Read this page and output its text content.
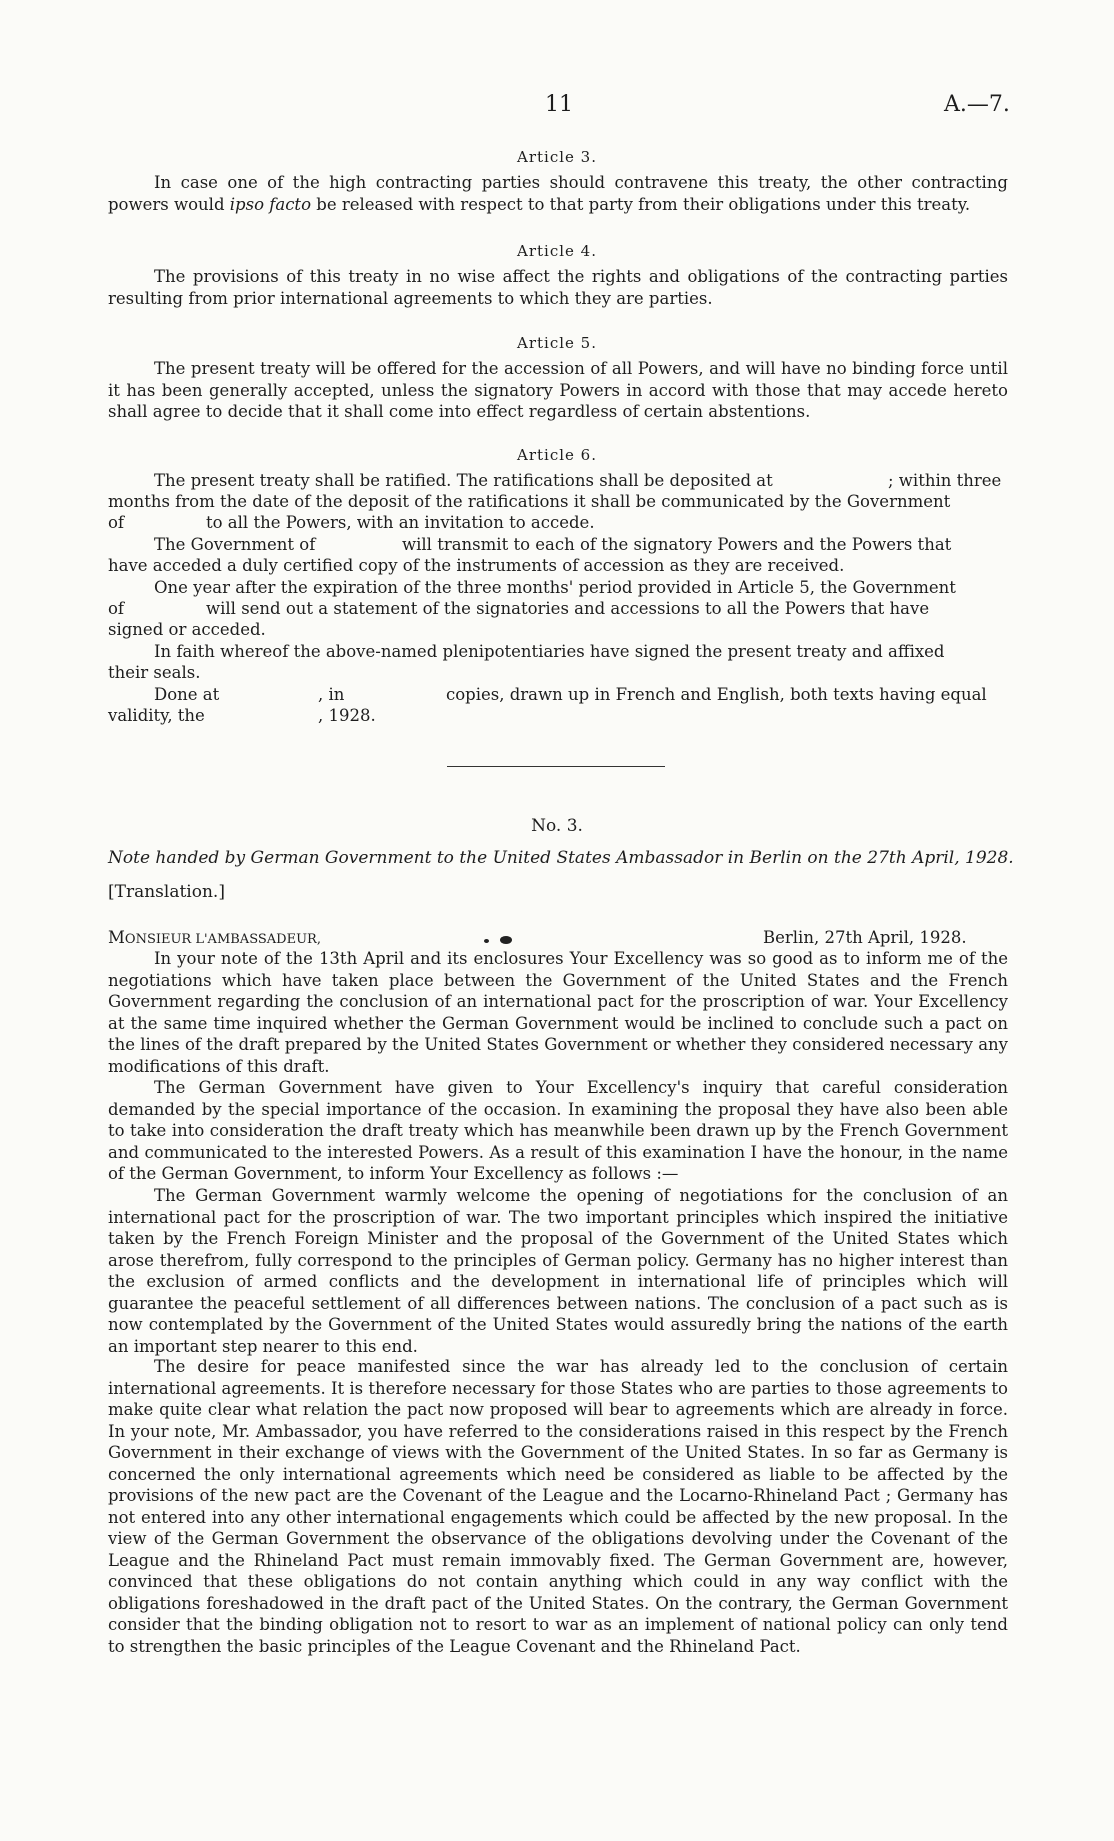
11	A.—7.
Article 3.
In case one of the high contracting parties should contravene this treaty, the other contracting powers would ipso facto be released with respect to that party from their obligations under this treaty.
Article 4.
The provisions of this treaty in no wise affect the rights and obligations of the contracting parties resulting from prior international agreements to which they are parties.
Article 5.
The present treaty will be offered for the accession of all Powers, and will have no binding force until it has been generally accepted, unless the signatory Powers in accord with those that may accede hereto shall agree to decide that it shall come into effect regardless of certain abstentions.
Article 6.
The present treaty shall be ratified. The ratifications shall be deposited at	; within three
months from the date of the deposit of the ratifications it shall be communicated by the Government
of	to all the Powers, with an invitation to accede.
The Government of	will transmit to each of the signatory Powers and the Powers that
have acceded a duly certified copy of the instruments of accession as they are received.
One year after the expiration of the three months' period provided in Article 5, the Government
of	will send out a statement of the signatories and accessions to all the Powers that have
signed or acceded.
In faith whereof the above-named plenipotentiaries have signed the present treaty and affixed
their seals.
Done at	, in	copies, drawn up in French and English, both texts having equal
validity, the	, 1928.
No. 3.
Note handed by German Government to the United States Ambassador in Berlin on the 27th April, 1928.
[Translation.]
MONSIEUR L'AMBASSADEUR,	Berlin, 27th April, 1928.
In your note of the 13th April and its enclosures Your Excellency was so good as to inform me of the negotiations which have taken place between the Government of the United States and the French Government regarding the conclusion of an international pact for the proscription of war. Your Excellency at the same time inquired whether the German Government would be inclined to conclude such a pact on the lines of the draft prepared by the United States Government or whether they considered necessary any modifications of this draft.
The German Government have given to Your Excellency's inquiry that careful consideration demanded by the special importance of the occasion. In examining the proposal they have also been able to take into consideration the draft treaty which has meanwhile been drawn up by the French Government and communicated to the interested Powers. As a result of this examination I have the honour, in the name of the German Government, to inform Your Excellency as follows :—
The German Government warmly welcome the opening of negotiations for the conclusion of an international pact for the proscription of war. The two important principles which inspired the initiative taken by the French Foreign Minister and the proposal of the Government of the United States which arose therefrom, fully correspond to the principles of German policy. Germany has no higher interest than the exclusion of armed conflicts and the development in international life of principles which will guarantee the peaceful settlement of all differences between nations. The conclusion of a pact such as is now contemplated by the Government of the United States would assuredly bring the nations of the earth an important step nearer to this end.
The desire for peace manifested since the war has already led to the conclusion of certain international agreements. It is therefore necessary for those States who are parties to those agreements to make quite clear what relation the pact now proposed will bear to agreements which are already in force. In your note, Mr. Ambassador, you have referred to the considerations raised in this respect by the French Government in their exchange of views with the Government of the United States. In so far as Germany is concerned the only international agreements which need be considered as liable to be affected by the provisions of the new pact are the Covenant of the League and the Locarno-Rhineland Pact ; Germany has not entered into any other international engagements which could be affected by the new proposal. In the view of the German Government the observance of the obligations devolving under the Covenant of the League and the Rhineland Pact must remain immovably fixed. The German Government are, however, convinced that these obligations do not contain anything which could in any way conflict with the obligations foreshadowed in the draft pact of the United States. On the contrary, the German Government consider that the binding obligation not to resort to war as an implement of national policy can only tend to strengthen the basic principles of the League Covenant and the Rhineland Pact.
